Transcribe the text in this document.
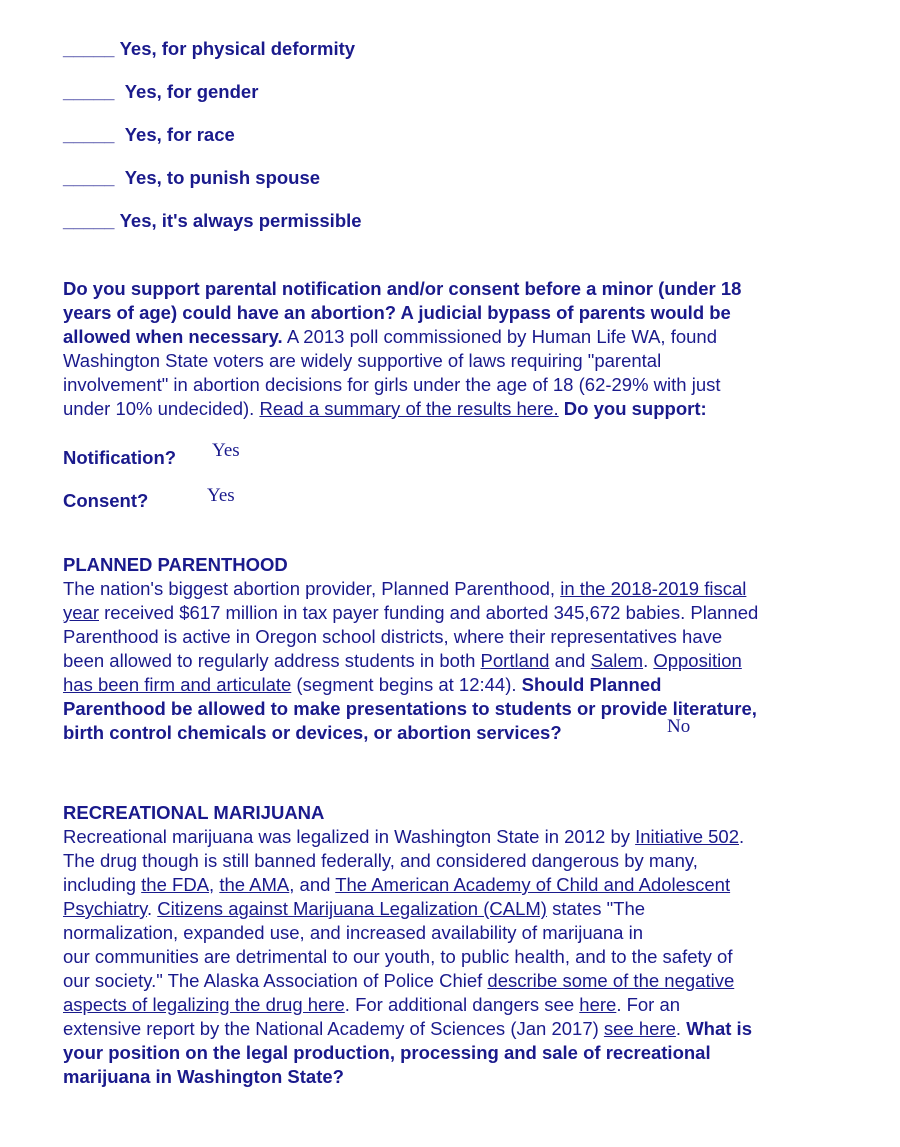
_____ Yes, for physical deformity
_____ Yes, for gender
_____ Yes, for race
_____ Yes, to punish spouse
_____ Yes, it's always permissible
Do you support parental notification and/or consent before a minor (under 18
years of age) could have an abortion? A judicial bypass of parents would be
allowed when necessary. A 2013 poll commissioned by Human Life WA, found
Washington State voters are widely supportive of laws requiring "parental
involvement" in abortion decisions for girls under the age of 18 (62-29% with just
under 10% undecided). Read a summary of the results here. Do you support:
Notification? Yes
Consent?	Yes
PLANNED PARENTHOOD
The nation's biggest abortion provider, Planned Parenthood, in the 2018-2019 fiscal
year received $617 million in tax payer funding and aborted 345,672 babies. Planned
Parenthood is active in Oregon school districts, where their representatives have
been allowed to regularly address students in both Portland and Salem. Opposition
has been firm and articulate (segment begins at 12:44). Should Planned
Parenthood be allowed to make presentations to students or provide literature,
birth control chemicals or devices, or abortion services?	No
RECREATIONAL MARIJUANA
Recreational marijuana was legalized in Washington State in 2012 by Initiative 502.
The drug though is still banned federally, and considered dangerous by many,
including the FDA, the AMA, and The American Academy of Child and Adolescent
Psychiatry. Citizens against Marijuana Legalization (CALM) states "The
normalization, expanded use, and increased availability of marijuana in
our communities are detrimental to our youth, to public health, and to the safety of
our society." The Alaska Association of Police Chief describe some of the negative
aspects of legalizing the drug here. For additional dangers see here. For an
extensive report by the National Academy of Sciences (Jan 2017) see here. What is
your position on the legal production, processing and sale of recreational
marijuana in Washington State?
